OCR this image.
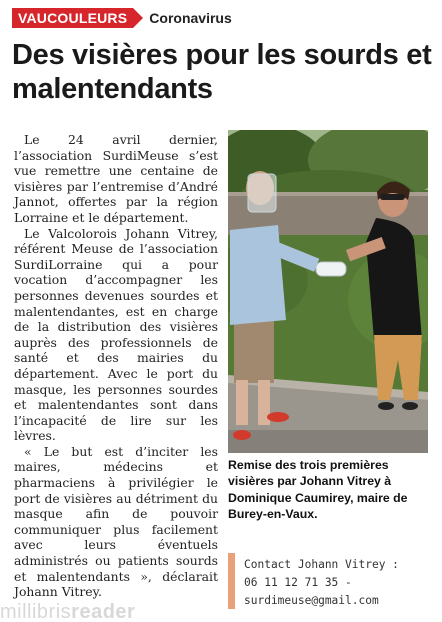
VAUCOULEURS	Coronavirus
Des visières pour les sourds et malentendants

Le 24 avril dernier, l’association SurdiMeuse s’est vue remettre une centaine de visières par l’entremise d’André Jannot, offertes par la région Lorraine et le département.

Le Valcolorois Johann Vitrey, référent Meuse de l’association SurdiLorraine qui a pour vocation d’accompagner les personnes devenues sourdes et malentendantes, est en charge de la distribution des visières auprès des professionnels de santé et des mairies du département. Avec le port du masque, les personnes sourdes et malentendantes sont dans l’incapacité de lire sur les lèvres.

« Le but est d’inciter les maires, médecins et pharmaciens à privilégier le port de visières au détriment du masque afin de pouvoir communiquer plus facilement avec leurs éventuels administrés ou patients sourds et malentendants », déclarait Johann Vitrey.

Remise des trois premières visières par Johann Vitrey à Dominique Caumirey, maire de Burey-en-Vaux.
Contact Johann Vitrey :
06 11 12 71 35 -
surdimeuse@gmail.com
millibrisreader
